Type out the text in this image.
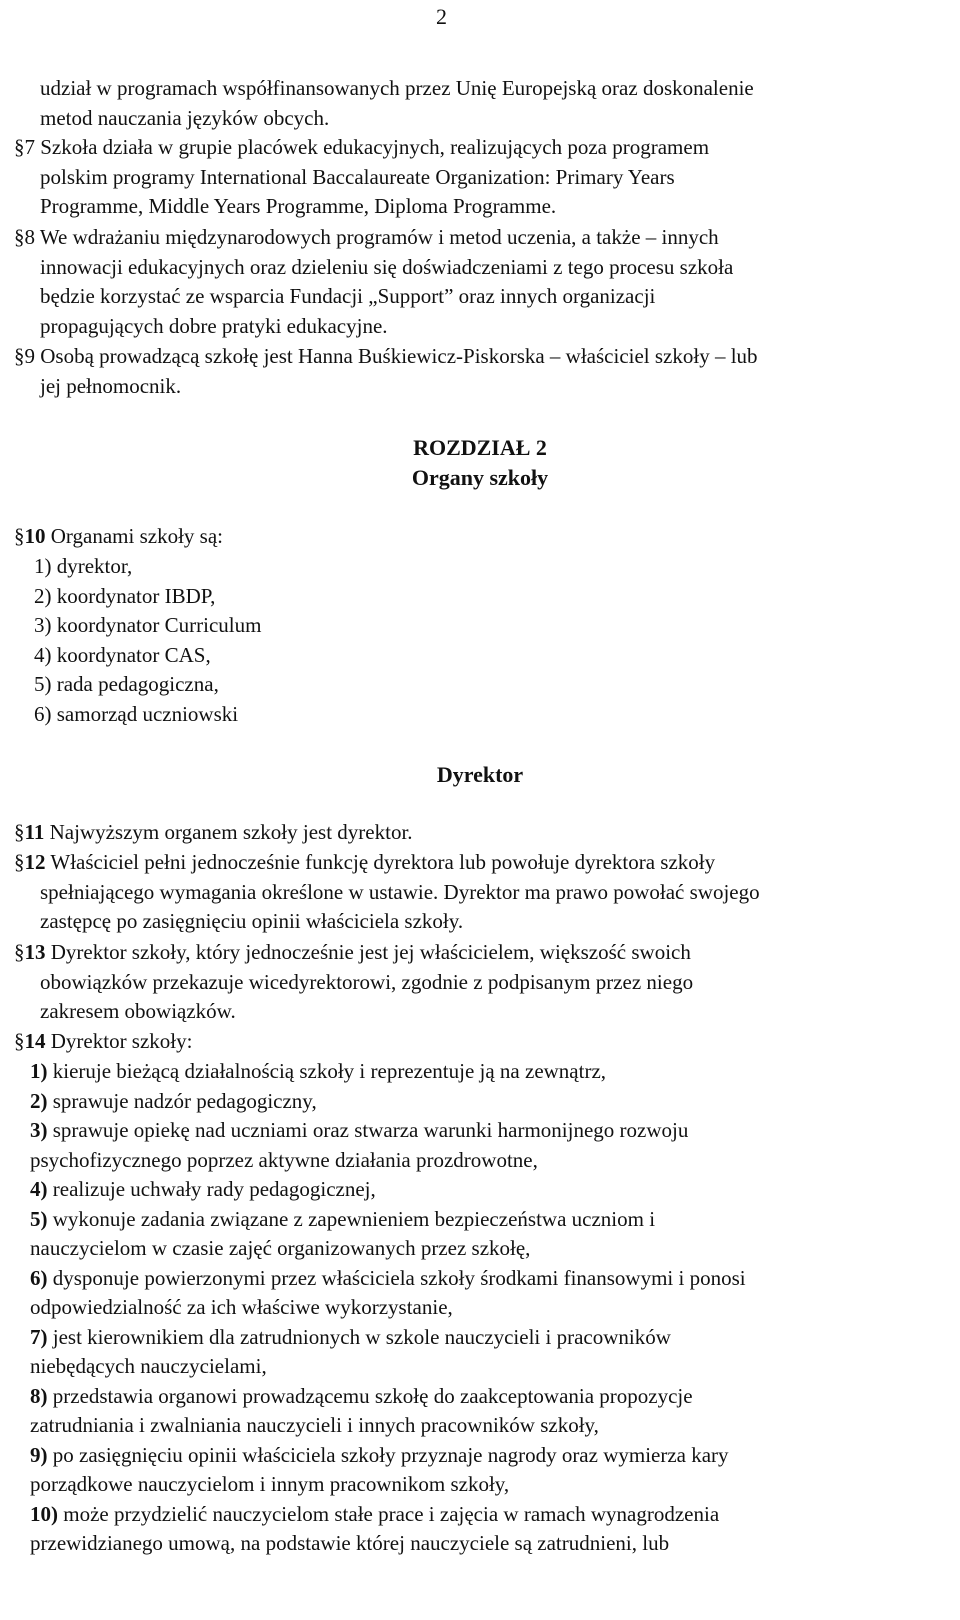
2
udział w programach współfinansowanych przez Unię Europejską oraz doskonalenie
metod nauczania języków obcych.
§7 Szkoła działa w grupie placówek edukacyjnych, realizujących poza programem
polskim programy International Baccalaureate Organization: Primary Years
Programme, Middle Years Programme, Diploma Programme.
§8 We wdrażaniu międzynarodowych programów i metod uczenia, a także – innych
innowacji edukacyjnych oraz dzieleniu się doświadczeniami z tego procesu szkoła
będzie korzystać ze wsparcia Fundacji „Support” oraz innych organizacji
propagujących dobre pratyki edukacyjne.
§9 Osobą prowadzącą szkołę jest Hanna Buśkiewicz-Piskorska – właściciel szkoły – lub
jej pełnomocnik.
ROZDZIAŁ 2
Organy szkoły
§10 Organami szkoły są:
1) dyrektor,
2) koordynator IBDP,
3) koordynator Curriculum
4) koordynator CAS,
5) rada pedagogiczna,
6) samorząd uczniowski
Dyrektor
§11 Najwyższym organem szkoły jest dyrektor.
§12 Właściciel pełni jednocześnie funkcję dyrektora lub powołuje dyrektora szkoły
spełniającego wymagania określone w ustawie. Dyrektor ma prawo powołać swojego
zastępcę po zasięgnięciu opinii właściciela szkoły.
§13 Dyrektor szkoły, który jednocześnie jest jej właścicielem, większość swoich
obowiązków przekazuje wicedyrektorowi, zgodnie z podpisanym przez niego
zakresem obowiązków.
§14 Dyrektor szkoły:
1) kieruje bieżącą działalnością szkoły i reprezentuje ją na zewnątrz,
2) sprawuje nadzór pedagogiczny,
3) sprawuje opiekę nad uczniami oraz stwarza warunki harmonijnego rozwoju
psychofizycznego poprzez aktywne działania prozdrowotne,
4) realizuje uchwały rady pedagogicznej,
5) wykonuje zadania związane z zapewnieniem bezpieczeństwa uczniom i
nauczycielom w czasie zajęć organizowanych przez szkołę,
6) dysponuje powierzonymi przez właściciela szkoły środkami finansowymi i ponosi
odpowiedzialność za ich właściwe wykorzystanie,
7) jest kierownikiem dla zatrudnionych w szkole nauczycieli i pracowników
niebędących nauczycielami,
8) przedstawia organowi prowadzącemu szkołę do zaakceptowania propozycje
zatrudniania i zwalniania nauczycieli i innych pracowników szkoły,
9) po zasięgnięciu opinii właściciela szkoły przyznaje nagrody oraz wymierza kary
porządkowe nauczycielom i innym pracownikom szkoły,
10) może przydzielić nauczycielom stałe prace i zajęcia w ramach wynagrodzenia
przewidzianego umową, na podstawie której nauczyciele są zatrudnieni, lub
